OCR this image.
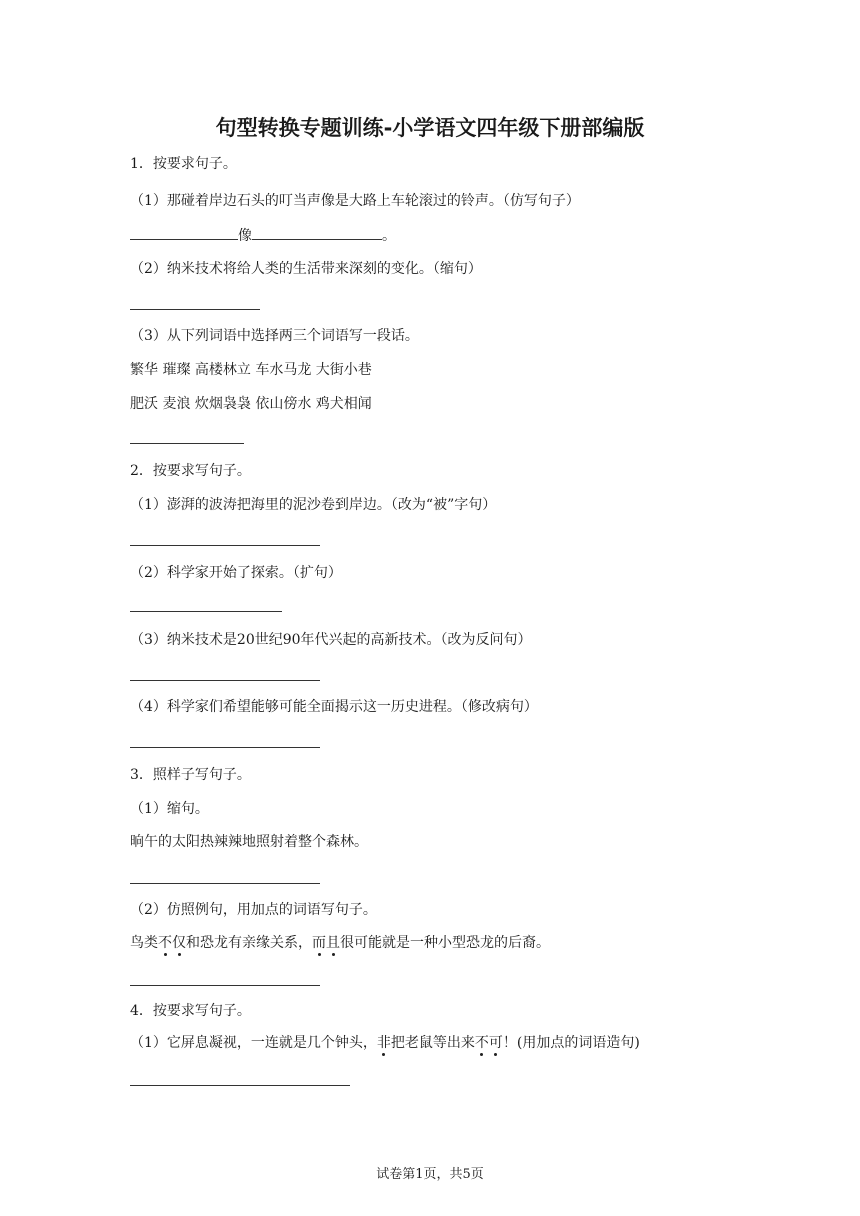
句型转换专题训练-小学语文四年级下册部编版
1．按要求句子。
（1）那碰着岸边石头的叮当声像是大路上车轮滚过的铃声。（仿写句子）
像	。
（2）纳米技术将给人类的生活带来深刻的变化。（缩句）
（3）从下列词语中选择两三个词语写一段话。
繁华 璀璨 高楼林立 车水马龙 大街小巷
肥沃 麦浪 炊烟袅袅 依山傍水 鸡犬相闻
2．按要求写句子。
（1）澎湃的波涛把海里的泥沙卷到岸边。（改为“被”字句）
（2）科学家开始了探索。（扩句）
（3）纳米技术是20世纪90年代兴起的高新技术。（改为反问句）
（4）科学家们希望能够可能全面揭示这一历史进程。（修改病句）
3．照样子写句子。
（1）缩句。
晌午的太阳热辣辣地照射着整个森林。
（2）仿照例句，用加点的词语写句子。
鸟类不仅和恐龙有亲缘关系，而且很可能就是一种小型恐龙的后裔。
4．按要求写句子。
（1）它屏息凝视，一连就是几个钟头，非把老鼠等出来不可！(用加点的词语造句)
试卷第1页，共5页
